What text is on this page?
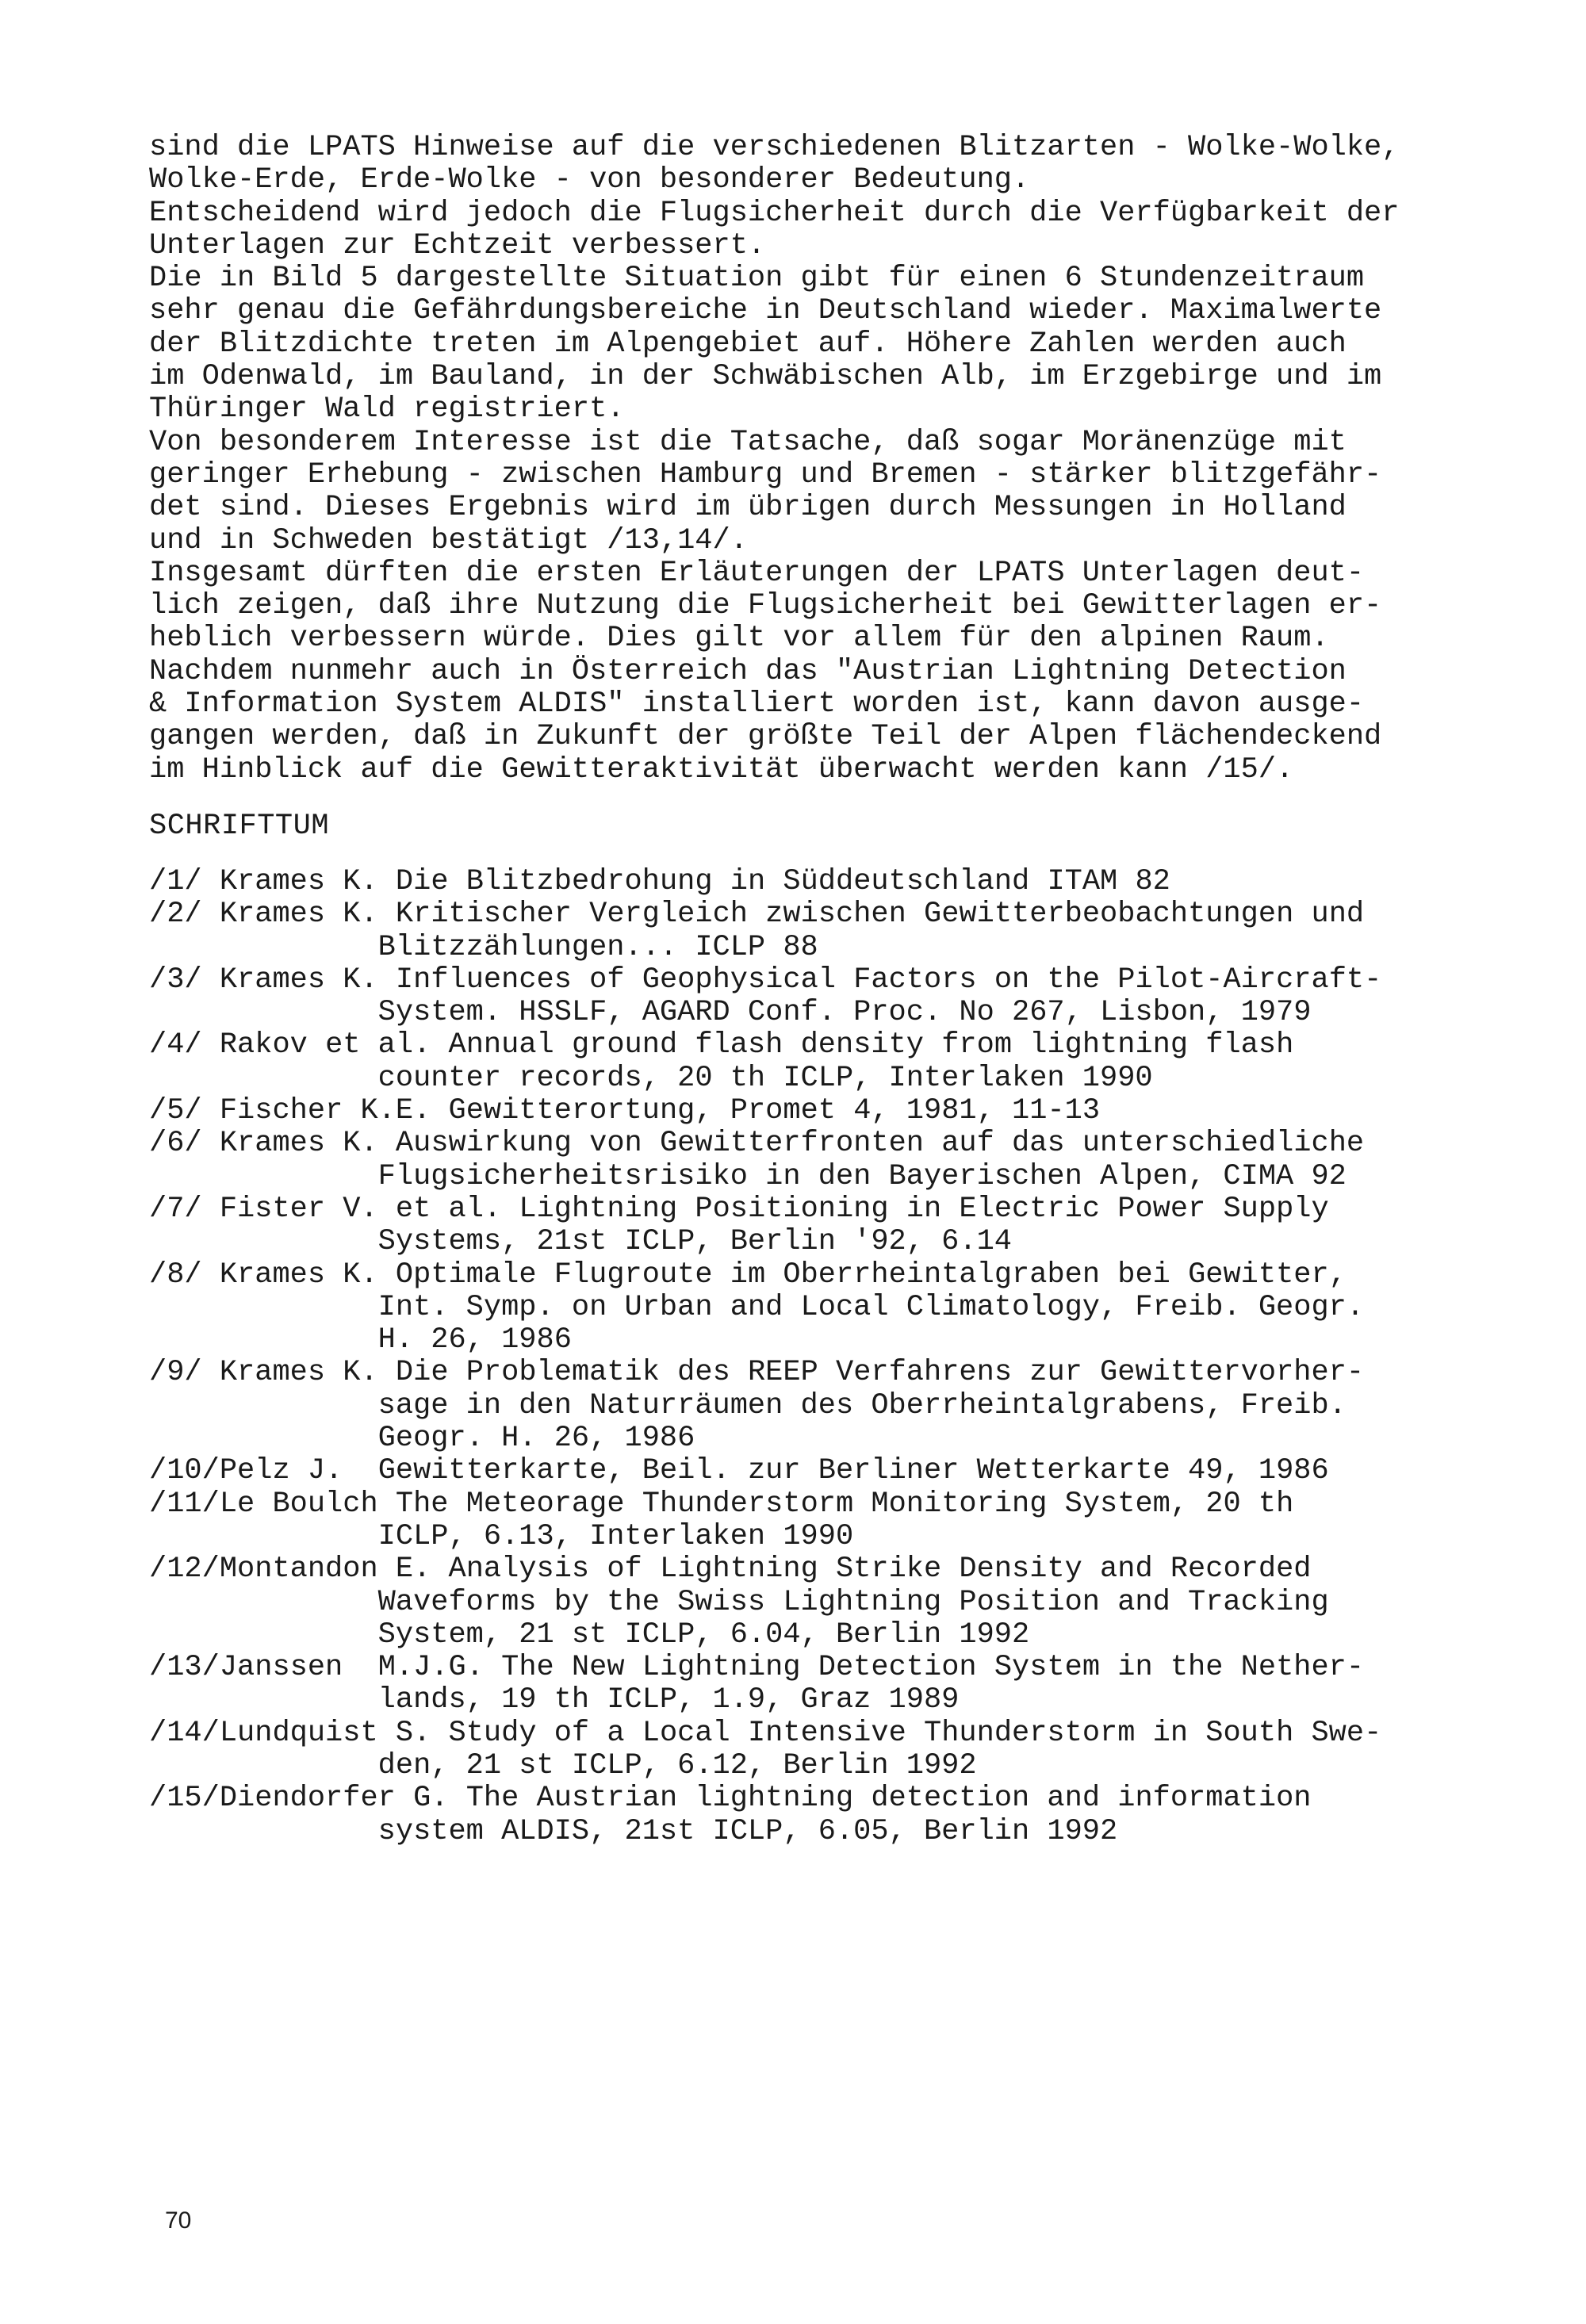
sind die LPATS Hinweise auf die verschiedenen Blitzarten - Wolke-Wolke,
Wolke-Erde, Erde-Wolke - von besonderer Bedeutung.
Entscheidend wird jedoch die Flugsicherheit durch die Verfügbarkeit der
Unterlagen zur Echtzeit verbessert.
Die in Bild 5 dargestellte Situation gibt für einen 6 Stundenzeitraum
sehr genau die Gefährdungsbereiche in Deutschland wieder. Maximalwerte
der Blitzdichte treten im Alpengebiet auf. Höhere Zahlen werden auch
im Odenwald, im Bauland, in der Schwäbischen Alb, im Erzgebirge und im
Thüringer Wald registriert.
Von besonderem Interesse ist die Tatsache, daß sogar Moränenzüge mit
geringer Erhebung - zwischen Hamburg und Bremen - stärker blitzgefähr-
det sind. Dieses Ergebnis wird im übrigen durch Messungen in Holland
und in Schweden bestätigt /13,14/.
Insgesamt dürften die ersten Erläuterungen der LPATS Unterlagen deut-
lich zeigen, daß ihre Nutzung die Flugsicherheit bei Gewitterlagen er-
heblich verbessern würde. Dies gilt vor allem für den alpinen Raum.
Nachdem nunmehr auch in Österreich das "Austrian Lightning Detection
& Information System ALDIS" installiert worden ist, kann davon ausge-
gangen werden, daß in Zukunft der größte Teil der Alpen flächendeckend
im Hinblick auf die Gewitteraktivität überwacht werden kann /15/.
SCHRIFTTUM
/1/ Krames K. Die Blitzbedrohung in Süddeutschland ITAM 82
/2/ Krames K. Kritischer Vergleich zwischen Gewitterbeobachtungen und
Blitzzählungen... ICLP 88
/3/ Krames K. Influences of Geophysical Factors on the Pilot-Aircraft-
System. HSSLF, AGARD Conf. Proc. No 267, Lisbon, 1979
/4/ Rakov et al. Annual ground flash density from lightning flash
counter records, 20 th ICLP, Interlaken 1990
/5/ Fischer K.E. Gewitterortung, Promet 4, 1981, 11-13
/6/ Krames K. Auswirkung von Gewitterfronten auf das unterschiedliche
Flugsicherheitsrisiko in den Bayerischen Alpen, CIMA 92
/7/ Fister V. et al. Lightning Positioning in Electric Power Supply
Systems, 21st ICLP, Berlin '92, 6.14
/8/ Krames K. Optimale Flugroute im Oberrheintalgraben bei Gewitter,
Int. Symp. on Urban and Local Climatology, Freib. Geogr.
H. 26, 1986
/9/ Krames K. Die Problematik des REEP Verfahrens zur Gewittervorher-
sage in den Naturräumen des Oberrheintalgrabens, Freib.
Geogr. H. 26, 1986
/10/Pelz J. Gewitterkarte, Beil. zur Berliner Wetterkarte 49, 1986
/11/Le Boulch The Meteorage Thunderstorm Monitoring System, 20 th
ICLP, 6.13, Interlaken 1990
/12/Montandon E. Analysis of Lightning Strike Density and Recorded
Waveforms by the Swiss Lightning Position and Tracking
System, 21 st ICLP, 6.04, Berlin 1992
/13/Janssen M.J.G. The New Lightning Detection System in the Nether-
lands, 19 th ICLP, 1.9, Graz 1989
/14/Lundquist S. Study of a Local Intensive Thunderstorm in South Swe-
den, 21 st ICLP, 6.12, Berlin 1992
/15/Diendorfer G. The Austrian lightning detection and information
system ALDIS, 21st ICLP, 6.05, Berlin 1992
70
